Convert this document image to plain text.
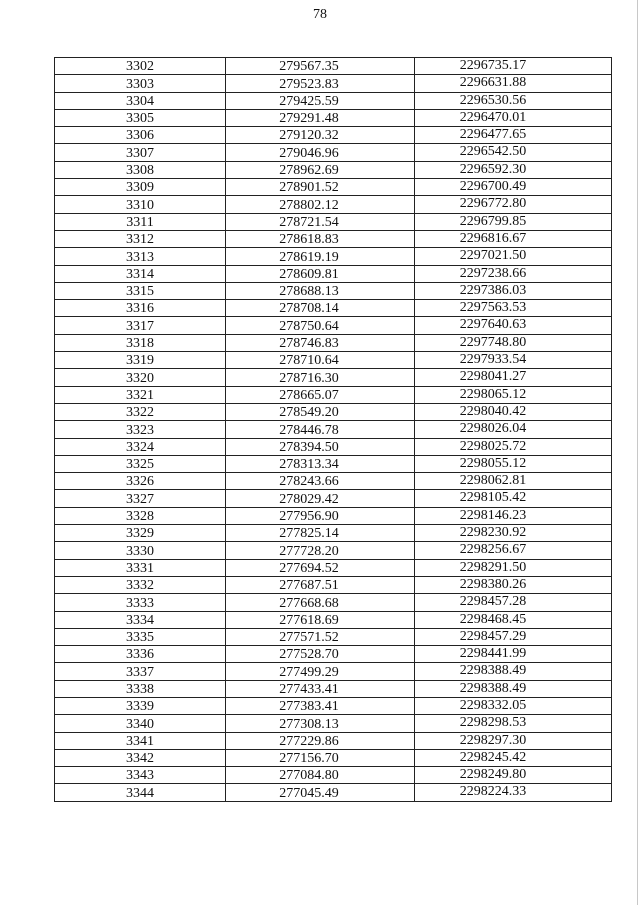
78
3302	279567.35	2296735.17
3303	279523.83	2296631.88
3304	279425.59	2296530.56
3305	279291.48	2296470.01
3306	279120.32	2296477.65
3307	279046.96	2296542.50
3308	278962.69	2296592.30
3309	278901.52	2296700.49
3310	278802.12	2296772.80
3311	278721.54	2296799.85
3312	278618.83	2296816.67
3313	278619.19	2297021.50
3314	278609.81	2297238.66
3315	278688.13	2297386.03
3316	278708.14	2297563.53
3317	278750.64	2297640.63
3318	278746.83	2297748.80
3319	278710.64	2297933.54
3320	278716.30	2298041.27
3321	278665.07	2298065.12
3322	278549.20	2298040.42
3323	278446.78	2298026.04
3324	278394.50	2298025.72
3325	278313.34	2298055.12
3326	278243.66	2298062.81
3327	278029.42	2298105.42
3328	277956.90	2298146.23
3329	277825.14	2298230.92
3330	277728.20	2298256.67
3331	277694.52	2298291.50
3332	277687.51	2298380.26
3333	277668.68	2298457.28
3334	277618.69	2298468.45
3335	277571.52	2298457.29
3336	277528.70	2298441.99
3337	277499.29	2298388.49
3338	277433.41	2298388.49
3339	277383.41	2298332.05
3340	277308.13	2298298.53
3341	277229.86	2298297.30
3342	277156.70	2298245.42
3343	277084.80	2298249.80
3344	277045.49	2298224.33
